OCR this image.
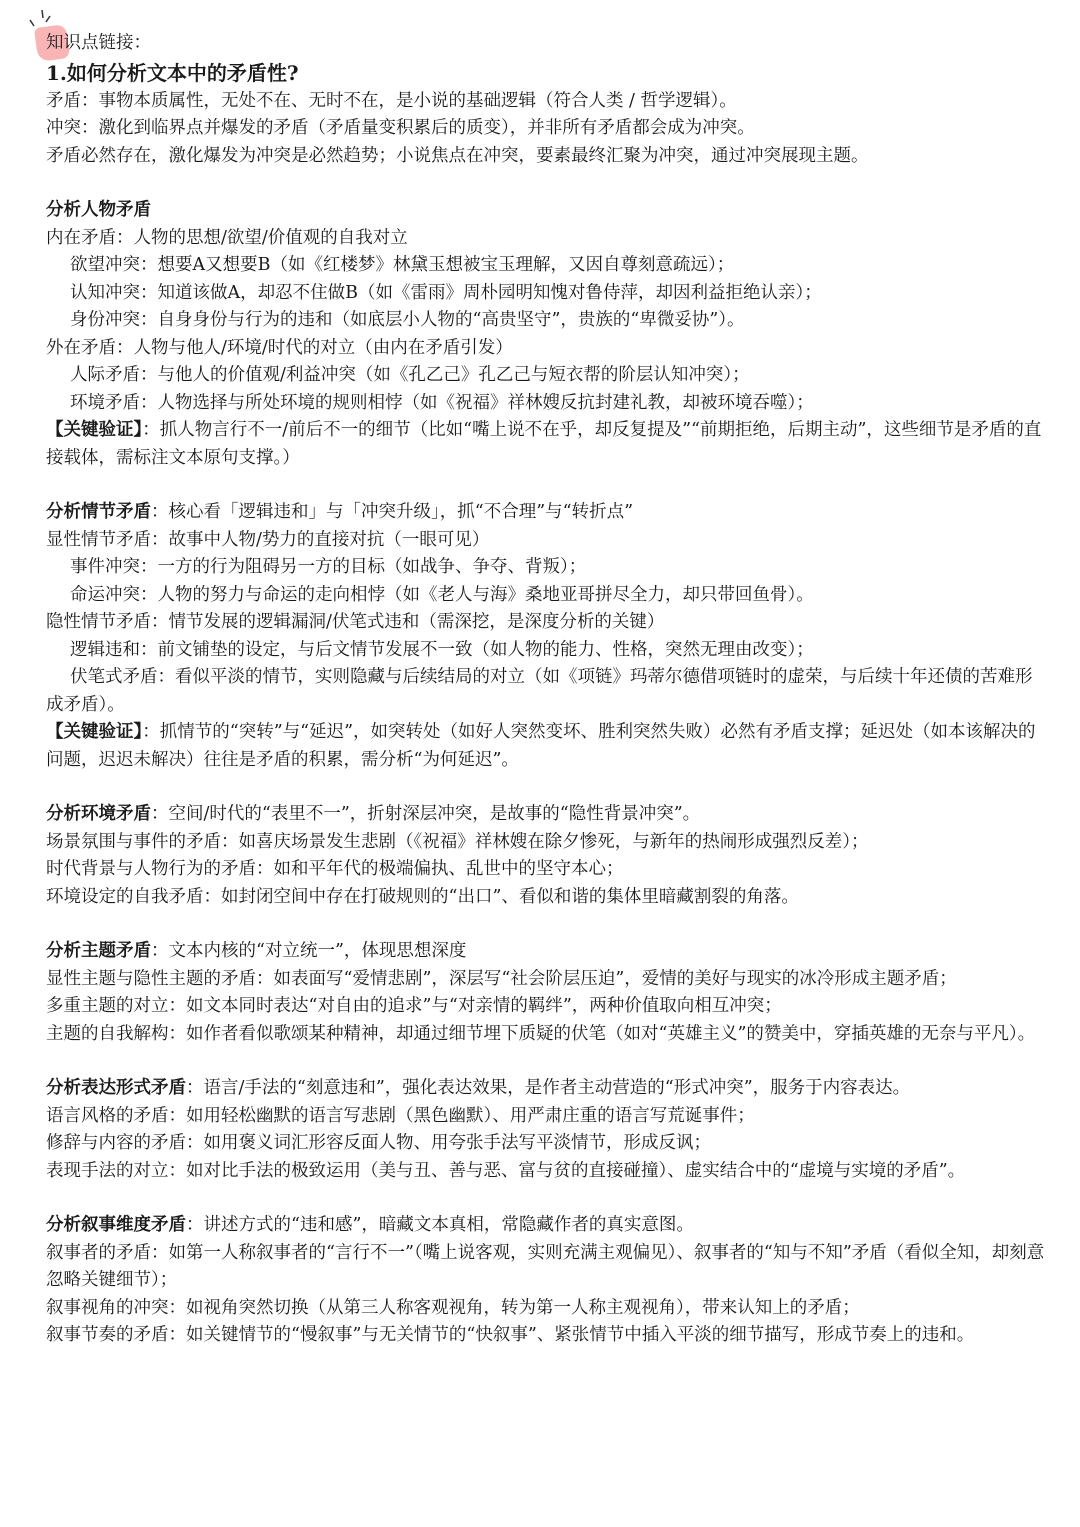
知识点链接：
1.如何分析文本中的矛盾性?
矛盾：事物本质属性，无处不在、无时不在，是小说的基础逻辑（符合人类 / 哲学逻辑）。
冲突：激化到临界点并爆发的矛盾（矛盾量变积累后的质变），并非所有矛盾都会成为冲突。
矛盾必然存在，激化爆发为冲突是必然趋势；小说焦点在冲突，要素最终汇聚为冲突，通过冲突展现主题。
分析人物矛盾
内在矛盾：人物的思想/欲望/价值观的自我对立
欲望冲突：想要A又想要B（如《红楼梦》林黛玉想被宝玉理解，又因自尊刻意疏远）；
认知冲突：知道该做A，却忍不住做B（如《雷雨》周朴园明知愧对鲁侍萍，却因利益拒绝认亲）；
身份冲突：自身身份与行为的违和（如底层小人物的“高贵坚守”，贵族的“卑微妥协”）。
外在矛盾：人物与他人/环境/时代的对立（由内在矛盾引发）
人际矛盾：与他人的价值观/利益冲突（如《孔乙己》孔乙己与短衣帮的阶层认知冲突）；
环境矛盾：人物选择与所处环境的规则相悖（如《祝福》祥林嫂反抗封建礼教，却被环境吞噬）；
【关键验证】：抓人物言行不一/前后不一的细节（比如“嘴上说不在乎，却反复提及”“前期拒绝，后期主动”，这些细节是矛盾的直接载体，需标注文本原句支撑。）
分析情节矛盾：核心看「逻辑违和」与「冲突升级」，抓“不合理”与“转折点”
显性情节矛盾：故事中人物/势力的直接对抗（一眼可见）
事件冲突：一方的行为阻碍另一方的目标（如战争、争夺、背叛）；
命运冲突：人物的努力与命运的走向相悖（如《老人与海》桑地亚哥拼尽全力，却只带回鱼骨）。
隐性情节矛盾：情节发展的逻辑漏洞/伏笔式违和（需深挖，是深度分析的关键）
逻辑违和：前文铺垫的设定，与后文情节发展不一致（如人物的能力、性格，突然无理由改变）；
伏笔式矛盾：看似平淡的情节，实则隐藏与后续结局的对立（如《项链》玛蒂尔德借项链时的虚荣，与后续十年还债的苦难形成矛盾）。
【关键验证】：抓情节的“突转”与“延迟”，如突转处（如好人突然变坏、胜利突然失败）必然有矛盾支撑；延迟处（如本该解决的问题，迟迟未解决）往往是矛盾的积累，需分析“为何延迟”。
分析环境矛盾：空间/时代的“表里不一”，折射深层冲突，是故事的“隐性背景冲突”。
场景氛围与事件的矛盾：如喜庆场景发生悲剧（《祝福》祥林嫂在除夕惨死，与新年的热闹形成强烈反差）；
时代背景与人物行为的矛盾：如和平年代的极端偏执、乱世中的坚守本心；
环境设定的自我矛盾：如封闭空间中存在打破规则的“出口”、看似和谐的集体里暗藏割裂的角落。
分析主题矛盾：文本内核的“对立统一”，体现思想深度
显性主题与隐性主题的矛盾：如表面写“爱情悲剧”，深层写“社会阶层压迫”，爱情的美好与现实的冰冷形成主题矛盾；
多重主题的对立：如文本同时表达“对自由的追求”与“对亲情的羁绊”，两种价值取向相互冲突；
主题的自我解构：如作者看似歌颂某种精神，却通过细节埋下质疑的伏笔（如对“英雄主义”的赞美中，穿插英雄的无奈与平凡）。
分析表达形式矛盾：语言/手法的“刻意违和”，强化表达效果，是作者主动营造的“形式冲突”，服务于内容表达。
语言风格的矛盾：如用轻松幽默的语言写悲剧（黑色幽默）、用严肃庄重的语言写荒诞事件；
修辞与内容的矛盾：如用褒义词汇形容反面人物、用夸张手法写平淡情节，形成反讽；
表现手法的对立：如对比手法的极致运用（美与丑、善与恶、富与贫的直接碰撞）、虚实结合中的“虚境与实境的矛盾”。
分析叙事维度矛盾：讲述方式的“违和感”，暗藏文本真相，常隐藏作者的真实意图。
叙事者的矛盾：如第一人称叙事者的“言行不一”（嘴上说客观，实则充满主观偏见）、叙事者的“知与不知”矛盾（看似全知，却刻意忽略关键细节）；
叙事视角的冲突：如视角突然切换（从第三人称客观视角，转为第一人称主观视角），带来认知上的矛盾；
叙事节奏的矛盾：如关键情节的“慢叙事”与无关情节的“快叙事”、紧张情节中插入平淡的细节描写，形成节奏上的违和。
